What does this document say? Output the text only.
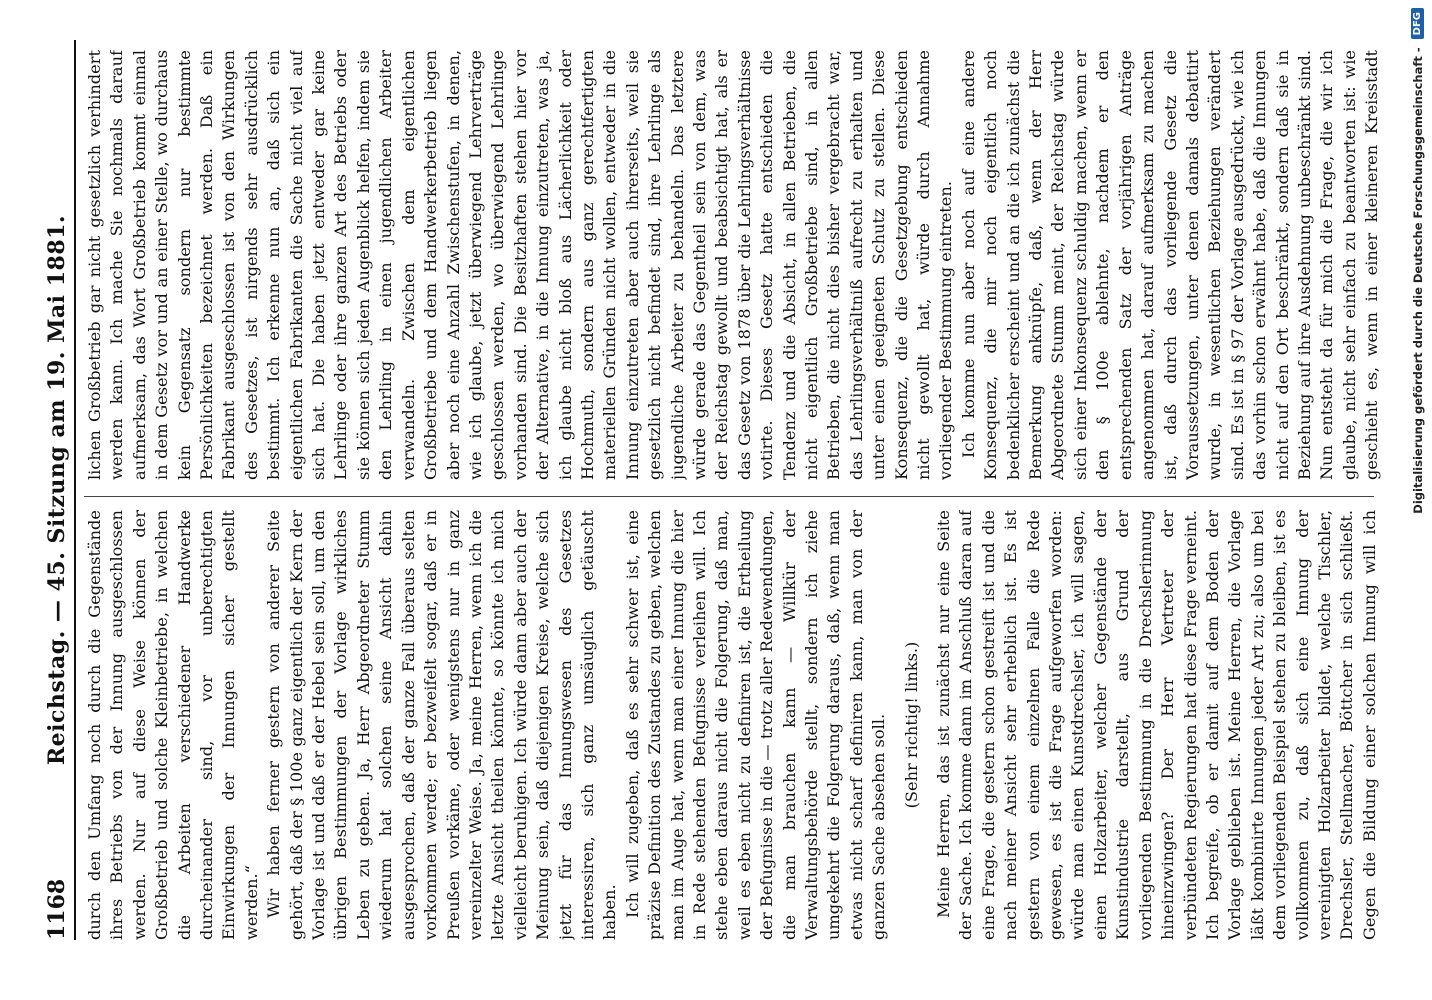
1168
Reichstag. — 45. Sitzung am 19. Mai 1881. durch den Umfang noch durch die Gegenstände ihres Betriebs von der Innung ausgeschlossen werden. Nur auf diese Weise können der Großbetrieb und solche Kleinbetriebe, in welchen die Arbeiten verschiedener Handwerke durcheinander sind, vor unberechtigten Einwirkungen der Innungen sicher gestellt werden.“ Wir haben ferner gestern von anderer Seite gehört, daß der § 100e ganz eigentlich der Kern der Vorlage ist und daß er der Hebel sein soll, um den übrigen Bestimmungen der Vorlage wirkliches Leben zu geben. Ja, Herr Abgeordneter Stumm wiederum hat solchen seine Ansicht dahin ausgesprochen, daß der ganze Fall überaus selten vorkommen werde; er bezweifelt sogar, daß er in Preußen vorkäme, oder wenigstens nur in ganz vereinzelter Weise. Ja, meine Herren, wenn ich die letzte Ansicht theilen könnte, so könnte ich mich vielleicht beruhigen. Ich würde dann aber auch der Meinung sein, daß diejenigen Kreise, welche sich jetzt für das Innungswesen des Gesetzes interessiren, sich ganz umsäuglich getäuscht haben. Ich will zugeben, daß es sehr schwer ist, eine präzise Definition des Zustandes zu geben, welchen man im Auge hat, wenn man einer Innung die hier in Rede stehenden Befugnisse verleihen will. Ich stehe eben daraus nicht die Folgerung, daß man, weil es eben nicht zu definiren ist, die Ertheilung der Befugnisse in die — trotz aller Redewendungen, die man brauchen kann — Willkür der Verwaltungsbehörde stellt, sondern ich ziehe umgekehrt die Folgerung daraus, daß, wenn man etwas nicht scharf definiren kann, man von der ganzen Sache absehen soll. (Sehr richtig! links.)

Meine Herren, das ist zunächst nur eine Seite der Sache. Ich komme dann im Anschluß daran auf eine Frage, die gestern schon gestreift ist und die nach meiner Ansicht sehr erheblich ist. Es ist gestern von einem einzelnen Falle die Rede gewesen, es ist die Frage aufgeworfen worden: würde man einen Kunstdrechsler, ich will sagen, einen Holzarbeiter, welcher Gegenstände der Kunstindustrie darstellt, aus Grund der vorliegenden Bestimmung in die Drechslerinnung hineinzwingen? Der Herr Vertreter der verbündeten Regierungen hat diese Frage verneint. Ich begreife, ob er damit auf dem Boden der Vorlage geblieben ist. Meine Herren, die Vorlage läßt kombinirte Innungen jeder Art zu; also um bei dem vorliegenden Beispiel stehen zu bleiben, ist es vollkommen zu, daß sich eine Innung der vereinigten Holzarbeiter bildet, welche Tischler, Drechsler, Stellmacher, Böttcher in sich schließt. Gegen die Bildung einer solchen Innung will ich

lichen Großbetrieb gar nicht gesetzlich verhindert werden kann. Ich mache Sie nochmals darauf aufmerksam, das Wort Großbetrieb kommt einmal in dem Gesetz vor und an einer Stelle, wo durchaus kein Gegensatz sondern nur bestimmte Persönlichkeiten bezeichnet werden. Daß ein Fabrikant ausgeschlossen ist von den Wirkungen des Gesetzes, ist nirgends sehr ausdrücklich bestimmt. Ich erkenne nun an, daß sich ein eigentlichen Fabrikanten die Sache nicht viel auf sich hat. Die haben jetzt entweder gar keine Lehrlinge oder ihre ganzen Art des Betriebs oder sie können sich jeden Augenblick helfen, indem sie den Lehrling in einen jugendlichen Arbeiter verwandeln. Zwischen dem eigentlichen Großbetriebe und dem Handwerkerbetrieb liegen aber noch eine Anzahl Zwischenstufen, in denen, wie ich glaube, jetzt überwiegend Lehrverträge geschlossen werden, wo überwiegend Lehrlinge vorhanden sind. Die Besitzhaften stehen hier vor der Alternative, in die Innung einzutreten, was ja, ich glaube nicht bloß aus Lächerlichkeit oder Hochmuth, sondern aus ganz gerechtfertigten materiellen Gründen nicht wollen, entweder in die Innung einzutreten aber auch ihrerseits, weil sie gesetzlich nicht befindet sind, ihre Lehrlinge als jugendliche Arbeiter zu behandeln. Das letztere würde gerade das Gegentheil sein von dem, was der Reichstag gewollt und beabsichtigt hat, als er das Gesetz von 1878 über die Lehrlingsverhältnisse votirte. Dieses Gesetz hatte entschieden die Tendenz und die Absicht, in allen Betrieben, die nicht eigentlich Großbetriebe sind, in allen Betrieben, die nicht dies bisher vergebracht war, das Lehrlingsverhältniß aufrecht zu erhalten und unter einen geeigneten Schutz zu stellen. Diese Konsequenz, die die Gesetzgebung entschieden nicht gewollt hat, würde durch Annahme vorliegender Bestimmung eintreten. Ich komme nun aber noch auf eine andere Konsequenz, die mir noch eigentlich noch bedenklicher erscheint und an die ich zunächst die Bemerkung anknüpfe, daß, wenn der Herr Abgeordnete Stumm meint, der Reichstag würde sich einer Inkonsequenz schuldig machen, wenn er den § 100e ablehnte, nachdem er den entsprechenden Satz der vorjährigen Anträge angenommen hat, darauf aufmerksam zu machen ist, daß durch das vorliegende Gesetz die Voraussetzungen, unter denen damals debattirt wurde, in wesentlichen Beziehungen verändert sind. Es ist in § 97 der Vorlage ausgedrückt, wie ich das vorhin schon erwähnt habe, daß die Innungen nicht auf den Ort beschränkt, sondern daß sie in Beziehung auf ihre Ausdehnung unbeschränkt sind. Nun entsteht da für mich die Frage, die wir ich glaube, nicht sehr einfach zu beantworten ist: wie geschieht es, wenn in einer kleineren Kreisstadt	Digitalisierung gefördert durch die Deutsche Forschungsgemeinschaft -
DFG
